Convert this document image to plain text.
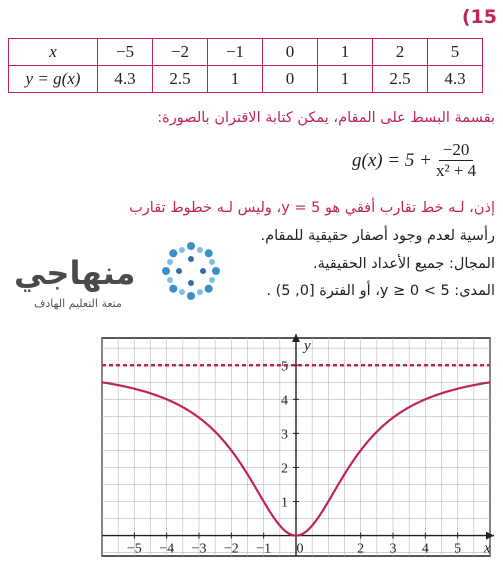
(15
x	−5	−2	−1	0	1	2	5
y = g(x)	4.3	2.5	1	0	1	2.5	4.3
بقسمة البسط على المقام، يمكن كتابة الاقتران بالصورة:
$g(x) = 5 + \frac{-20}{\text{x² + 4}}$
إذن، لـه خط تقارب أفقي هو y = 5، وليس لـه خطوط تقارب
رأسية لعدم وجود أصفار حقيقية للمقام.
المجال: جميع الأعداد الحقيقية.
المدى: 5 > y ≥ 0، أو الفترة [0, 5) .
منهاجي
متعة التعليم الهادف
−5 −4 −3 −2 −1 0	2 3 4 5
1
2
3
4
5
x
y
